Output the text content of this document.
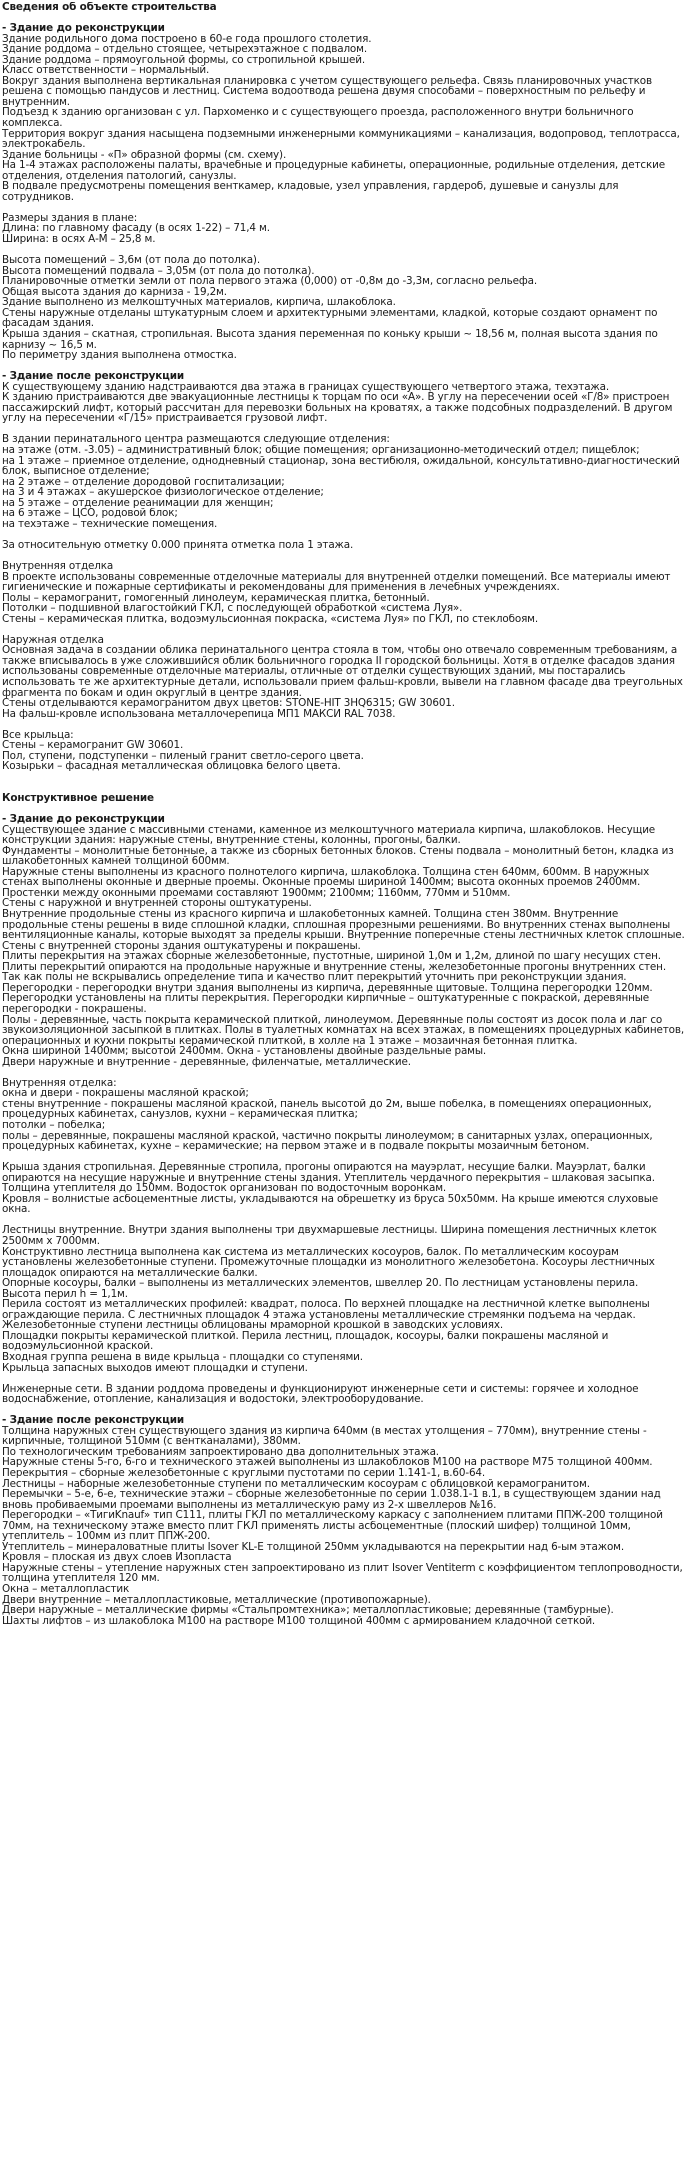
Сведения об объекте строительства
- Здание до реконструкции
Здание родильного дома построено в 60-е года прошлого столетия.
Здание роддома – отдельно стоящее, четырехэтажное с подвалом.
Здание роддома – прямоугольной формы, со стропильной крышей.
Класс ответственности – нормальный.
Вокруг здания выполнена вертикальная планировка с учетом существующего рельефа. Связь планировочных участков
решена с помощью пандусов и лестниц. Система водоотвода решена двумя способами – поверхностным по рельефу и
внутренним.
Подъезд к зданию организован с ул. Пархоменко и с существующего проезда, расположенного внутри больничного
комплекса.
Территория вокруг здания насыщена подземными инженерными коммуникациями – канализация, водопровод, теплотрасса,
электрокабель.
Здание больницы - «П» образной формы (см. схему).
На 1-4 этажах расположены палаты, врачебные и процедурные кабинеты, операционные, родильные отделения, детские
отделения, отделения патологий, санузлы.
В подвале предусмотрены помещения венткамер, кладовые, узел управления, гардероб, душевые и санузлы для
сотрудников.
Размеры здания в плане:
Длина: по главному фасаду (в осях 1-22) – 71,4 м.
Ширина: в осях А-М – 25,8 м.
Высота помещений – 3,6м (от пола до потолка).
Высота помещений подвала – 3,05м (от пола до потолка).
Планировочные отметки земли от пола первого этажа (0,000) от -0,8м до -3,3м, согласно рельефа.
Общая высота здания до карниза - 19,2м.
Здание выполнено из мелкоштучных материалов, кирпича, шлакоблока.
Стены наружные отделаны штукатурным слоем и архитектурными элементами, кладкой, которые создают орнамент по
фасадам здания.
Крыша здания – скатная, стропильная. Высота здания переменная по коньку крыши ~ 18,56 м, полная высота здания по
карнизу ~ 16,5 м.
По периметру здания выполнена отмостка.
- Здание после реконструкции
К существующему зданию надстраиваются два этажа в границах существующего четвертого этажа, техэтажа.
К зданию пристраиваются две эвакуационные лестницы к торцам по оси «А». В углу на пересечении осей «Г/8» пристроен
пассажирский лифт, который рассчитан для перевозки больных на кроватях, а также подсобных подразделений. В другом
углу на пересечении «Г/15» пристраивается грузовой лифт.
В здании перинатального центра размещаются следующие отделения:
на этаже (отм. -3.05) – административный блок; общие помещения; организационно-методический отдел; пищеблок;
на 1 этаже – приемное отделение, однодневный стационар, зона вестибюля, ожидальной, консультативно-диагностический
блок, выписное отделение;
на 2 этаже – отделение дородовой госпитализации;
на 3 и 4 этажах – акушерское физиологическое отделение;
на 5 этаже – отделение реанимации для женщин;
на 6 этаже – ЦСО, родовой блок;
на техэтаже – технические помещения.
За относительную отметку 0.000 принята отметка пола 1 этажа.
Внутренняя отделка
В проекте использованы современные отделочные материалы для внутренней отделки помещений. Все материалы имеют
гигиенические и пожарные сертификаты и рекомендованы для применения в лечебных учреждениях.
Полы – керамогранит, гомогенный линолеум, керамическая плитка, бетонный.
Потолки – подшивной влагостойкий ГКЛ, с последующей обработкой «система Луя».
Стены – керамическая плитка, водоэмульсионная покраска, «система Луя» по ГКЛ, по стеклобоям.
Наружная отделка
Основная задача в создании облика перинатального центра стояла в том, чтобы оно отвечало современным требованиям, а
также вписывалось в уже сложившийся облик больничного городка II городской больницы. Хотя в отделке фасадов здания
использованы современные отделочные материалы, отличные от отделки существующих зданий, мы постарались
использовать те же архитектурные детали, использовали прием фальш-кровли, вывели на главном фасаде два треугольных
фрагмента по бокам и один округлый в центре здания.
Стены отделываются керамогранитом двух цветов: STONE-HIT 3HQ6315; GW 30601.
На фальш-кровле использована металлочерепица МП1 МАКСИ RAL 7038.
Все крыльца:
Стены – керамогранит GW 30601.
Пол, ступени, подступенки – пиленый гранит светло-серого цвета.
Козырьки – фасадная металлическая облицовка белого цвета.
Конструктивное решение
- Здание до реконструкции
Существующее здание с массивными стенами, каменное из мелкоштучного материала кирпича, шлакоблоков. Несущие
конструкции здания: наружные стены, внутренние стены, колонны, прогоны, балки.
Фундаменты – монолитные бетонные, а также из сборных бетонных блоков. Стены подвала – монолитный бетон, кладка из
шлакобетонных камней толщиной 600мм.
Наружные стены выполнены из красного полнотелого кирпича, шлакоблока. Толщина стен 640мм, 600мм. В наружных
стенах выполнены оконные и дверные проемы. Оконные проемы шириной 1400мм; высота оконных проемов 2400мм.
Простенки между оконными проемами составляют 1900мм; 2100мм; 1160мм, 770мм и 510мм.
Стены с наружной и внутренней стороны оштукатурены.
Внутренние продольные стены из красного кирпича и шлакобетонных камней. Толщина стен 380мм. Внутренние
продольные стены решены в виде сплошной кладки, сплошная прорезными решениями. Во внутренних стенах выполнены
вентиляционные каналы, которые выходят за пределы крыши. Внутренние поперечные стены лестничных клеток сплошные.
Стены с внутренней стороны здания оштукатурены и покрашены.
Плиты перекрытия на этажах сборные железобетонные, пустотные, шириной 1,0м и 1,2м, длиной по шагу несущих стен.
Плиты перекрытий опираются на продольные наружные и внутренние стены, железобетонные прогоны внутренних стен.
Так как полы не вскрывались определение типа и качество плит перекрытий уточнить при реконструкции здания.
Перегородки - перегородки внутри здания выполнены из кирпича, деревянные щитовые. Толщина перегородки 120мм.
Перегородки установлены на плиты перекрытия. Перегородки кирпичные – оштукатуренные с покраской, деревянные
перегородки - покрашены.
Полы - деревянные, часть покрыта керамической плиткой, линолеумом. Деревянные полы состоят из досок пола и лаг со
звукоизоляционной засыпкой в плитках. Полы в туалетных комнатах на всех этажах, в помещениях процедурных кабинетов,
операционных и кухни покрыты керамической плиткой, в холле на 1 этаже – мозаичная бетонная плитка.
Окна шириной 1400мм; высотой 2400мм. Окна - установлены двойные раздельные рамы.
Двери наружные и внутренние - деревянные, филенчатые, металлические.
Внутренняя отделка:
окна и двери - покрашены масляной краской;
стены внутренние - покрашены масляной краской, панель высотой до 2м, выше побелка, в помещениях операционных,
процедурных кабинетах, санузлов, кухни – керамическая плитка;
потолки – побелка;
полы – деревянные, покрашены масляной краской, частично покрыты линолеумом; в санитарных узлах, операционных,
процедурных кабинетах, кухне – керамические; на первом этаже и в подвале покрыты мозаичным бетоном.
Крыша здания стропильная. Деревянные стропила, прогоны опираются на мауэрлат, несущие балки. Мауэрлат, балки
опираются на несущие наружные и внутренние стены здания. Утеплитель чердачного перекрытия – шлаковая засыпка.
Толщина утеплителя до 150мм. Водосток организован по водосточным воронкам.
Кровля – волнистые асбоцементные листы, укладываются на обрешетку из бруса 50х50мм. На крыше имеются слуховые
окна.
Лестницы внутренние. Внутри здания выполнены три двухмаршевые лестницы. Ширина помещения лестничных клеток
2500мм х 7000мм.
Конструктивно лестница выполнена как система из металлических косоуров, балок. По металлическим косоурам
установлены железобетонные ступени. Промежуточные площадки из монолитного железобетона. Косоуры лестничных
площадок опираются на металлические балки.
Опорные косоуры, балки – выполнены из металлических элементов, швеллер 20. По лестницам установлены перила.
Высота перил h = 1,1м.
Перила состоят из металлических профилей: квадрат, полоса. По верхней площадке на лестничной клетке выполнены
ограждающие перила. С лестничных площадок 4 этажа установлены металлические стремянки подъема на чердак.
Железобетонные ступени лестницы облицованы мраморной крошкой в заводских условиях.
Площадки покрыты керамической плиткой. Перила лестниц, площадок, косоуры, балки покрашены масляной и
водоэмульсионной краской.
Входная группа решена в виде крыльца - площадки со ступенями.
Крыльца запасных выходов имеют площадки и ступени.
Инженерные сети. В здании роддома проведены и функционируют инженерные сети и системы: горячее и холодное
водоснабжение, отопление, канализация и водостоки, электрооборудование.
- Здание после реконструкции
Толщина наружных стен существующего здания из кирпича 640мм (в местах утолщения – 770мм), внутренние стены -
кирпичные, толщиной 510мм (с вентканалами), 380мм.
По технологическим требованиям запроектировано два дополнительных этажа.
Наружные стены 5-го, 6-го и технического этажей выполнены из шлакоблоков М100 на растворе М75 толщиной 400мм.
Перекрытия – сборные железобетонные с круглыми пустотами по серии 1.141-1, в.60-64.
Лестницы – наборные железобетонные ступени по металлическим косоурам с облицовкой керамогранитом.
Перемычки – 5-е, 6-е, технические этажи – сборные железобетонные по серии 1.038.1-1 в.1, в существующем здании над
вновь пробиваемыми проемами выполнены из металлическую раму из 2-х швеллеров №16.
Перегородки – «ТигиKnauf» тип С111, плиты ГКЛ по металлическому каркасу с заполнением плитами ППЖ-200 толщиной
70мм, на техническому этаже вместо плит ГКЛ применять листы асбоцементные (плоский шифер) толщиной 10мм,
утеплитель – 100мм из плит ППЖ-200.
Утеплитель – минераловатные плиты Isover KL-E толщиной 250мм укладываются на перекрытии над 6-ым этажом.
Кровля – плоская из двух слоев Изопласта
Наружные стены – утепление наружных стен запроектировано из плит Isover Ventiterm с коэффициентом теплопроводности,
толщина утеплителя 120 мм.
Окна – металлопластик
Двери внутренние – металлопластиковые, металлические (противопожарные).
Двери наружные – металлические фирмы «Стальпромтехника»; металлопластиковые; деревянные (тамбурные).
Шахты лифтов – из шлакоблока М100 на растворе М100 толщиной 400мм с армированием кладочной сеткой.
